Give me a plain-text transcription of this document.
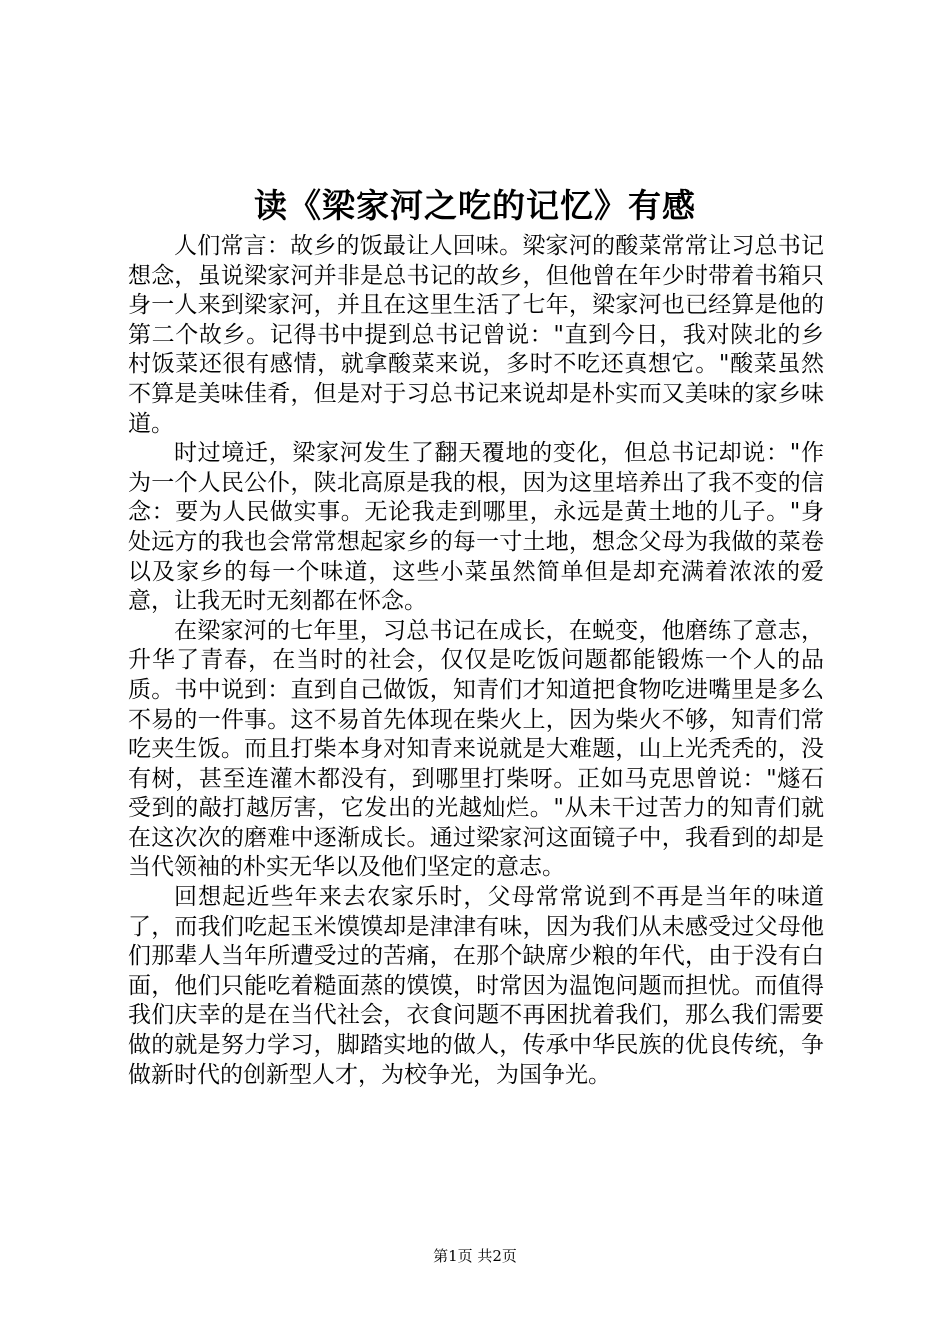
读《梁家河之吃的记忆》有感

人们常言：故乡的饭最让人回味。梁家河的酸菜常常让习总书记想念，虽说梁家河并非是总书记的故乡，但他曾在年少时带着书箱只身一人来到梁家河，并且在这里生活了七年，梁家河也已经算是他的第二个故乡。记得书中提到总书记曾说："直到今日，我对陕北的乡村饭菜还很有感情，就拿酸菜来说，多时不吃还真想它。"酸菜虽然不算是美味佳肴，但是对于习总书记来说却是朴实而又美味的家乡味道。

时过境迁，梁家河发生了翻天覆地的变化，但总书记却说："作为一个人民公仆，陕北高原是我的根，因为这里培养出了我不变的信念：要为人民做实事。无论我走到哪里，永远是黄土地的儿子。"身处远方的我也会常常想起家乡的每一寸土地，想念父母为我做的菜卷以及家乡的每一个味道，这些小菜虽然简单但是却充满着浓浓的爱意，让我无时无刻都在怀念。

在梁家河的七年里，习总书记在成长，在蜕变，他磨练了意志，升华了青春，在当时的社会，仅仅是吃饭问题都能锻炼一个人的品质。书中说到：直到自己做饭，知青们才知道把食物吃进嘴里是多么不易的一件事。这不易首先体现在柴火上，因为柴火不够，知青们常吃夹生饭。而且打柴本身对知青来说就是大难题，山上光秃秃的，没有树，甚至连灌木都没有，到哪里打柴呀。正如马克思曾说："燧石受到的敲打越厉害，它发出的光越灿烂。"从未干过苦力的知青们就在这次次的磨难中逐渐成长。通过梁家河这面镜子中，我看到的却是当代领袖的朴实无华以及他们坚定的意志。

回想起近些年来去农家乐时，父母常常说到不再是当年的味道了，而我们吃起玉米馍馍却是津津有味，因为我们从未感受过父母他们那辈人当年所遭受过的苦痛，在那个缺席少粮的年代，由于没有白面，他们只能吃着糙面蒸的馍馍，时常因为温饱问题而担忧。而值得我们庆幸的是在当代社会，衣食问题不再困扰着我们，那么我们需要做的就是努力学习，脚踏实地的做人，传承中华民族的优良传统，争做新时代的创新型人才，为校争光，为国争光。

第1页 共2页
